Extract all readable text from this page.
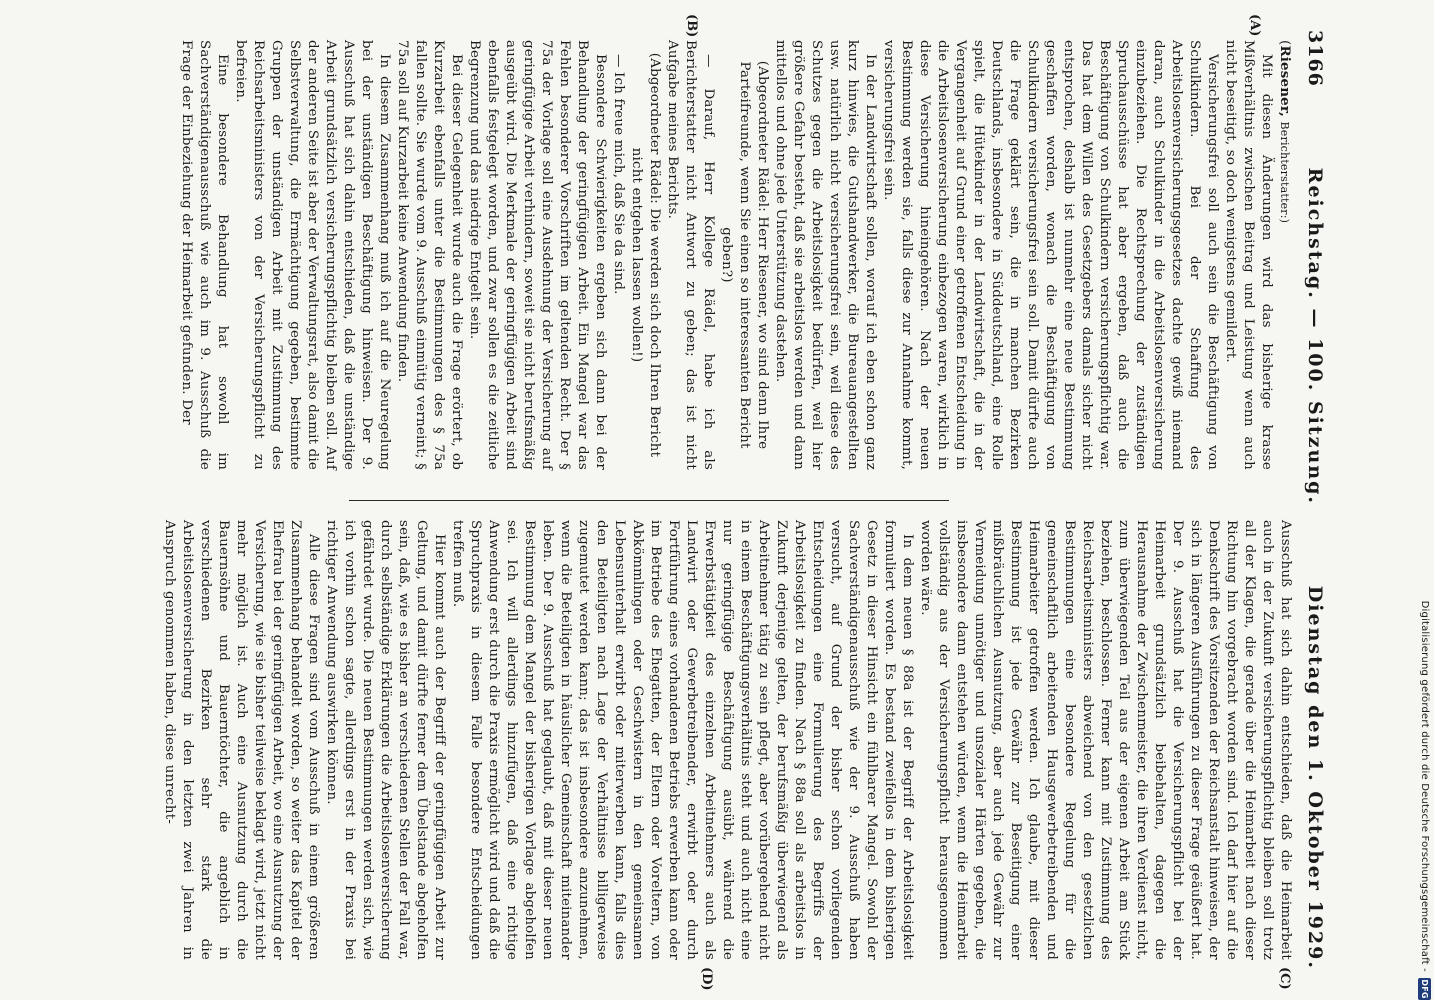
Digitalisierung gefördert durch die Deutsche Forschungsgemeinschaft -
DFG
3166
Reichstag. — 100. Sitzung.
Dienstag den 1. Oktober 1929.
(A)
(B)
(C)
(D)

(Riesener, Berichterstatter:)

Mit diesen Änderungen wird das bisherige krasse Mißverhältnis zwischen Beitrag und Leistung wenn auch nicht beseitigt, so doch wenigstens gemildert.

Versicherungsfrei soll auch sein die Beschäftigung von Schulkindern. Bei der Schaffung des Arbeitslosenversicherungsgesetzes dachte gewiß niemand daran, auch Schulkinder in die Arbeitslosenversicherung einzubeziehen. Die Rechtsprechung der zuständigen Spruchausschüsse hat aber ergeben, daß auch die Beschäftigung von Schulkindern versicherungspflichtig war. Das hat dem Willen des Gesetzgebers damals sicher nicht entsprochen, deshalb ist nunmehr eine neue Bestimmung geschaffen worden, wonach die Beschäftigung von Schulkindern versicherungsfrei sein soll. Damit dürfte auch die Frage geklärt sein, die in manchen Bezirken Deutschlands, insbesondere in Süddeutschland, eine Rolle spielt, die Hütekinder in der Landwirtschaft, die in der Vergangenheit auf Grund einer getroffenen Entscheidung in die Arbeitslosenversicherung einbezogen waren, wirklich in diese Versicherung hineingehören. Nach der neuen Bestimmung werden sie, falls diese zur Annahme kommt, versicherungsfrei sein.

In der Landwirtschaft sollen, worauf ich eben schon ganz kurz hinwies, die Gutshandwerker, die Bureauangestellten usw. natürlich nicht versicherungsfrei sein, weil diese des Schutzes gegen die Arbeitslosigkeit bedürfen, weil hier größere Gefahr besteht, daß sie arbeitslos werden und dann mittellos und ohne jede Unterstützung dastehen.

(Abgeordneter Rädel: Herr Riesener, wo sind denn Ihre Parteifreunde, wenn Sie einen so interessanten Bericht geben?)

— Darauf, Herr Kollege Rädel, habe ich als Berichterstatter nicht Antwort zu geben; das ist nicht Aufgabe meines Berichts.

(Abgeordneter Rädel: Die werden sich doch Ihren Bericht nicht entgehen lassen wollen!)

— Ich freue mich, daß Sie da sind.

Besondere Schwierigkeiten ergeben sich dann bei der Behandlung der geringfügigen Arbeit. Ein Mangel war das Fehlen besonderer Vorschriften im geltenden Recht. Der § 75a der Vorlage soll eine Ausdehnung der Versicherung auf geringfügige Arbeit verhindern, soweit sie nicht berufsmäßig ausgeübt wird. Die Merkmale der geringfügigen Arbeit sind ebenfalls festgelegt worden, und zwar sollen es die zeitliche Begrenzung und das niedrige Entgelt sein.

Bei dieser Gelegenheit wurde auch die Frage erörtert, ob Kurzarbeit ebenfalls unter die Bestimmungen des § 75a fallen sollte. Sie wurde vom 9. Ausschuß einmütig verneint; § 75a soll auf Kurzarbeit keine Anwendung finden.

In diesem Zusammenhang muß ich auf die Neuregelung bei der unständigen Beschäftigung hinweisen. Der 9. Ausschuß hat sich dahin entschieden, daß die unständige Arbeit grundsätzlich versicherungspflichtig bleiben soll. Auf der anderen Seite ist aber der Verwaltungsrat, also damit die Selbstverwaltung, die Ermächtigung gegeben, bestimmte Gruppen der unständigen Arbeit mit Zustimmung des Reichsarbeitsministers von der Versicherungspflicht zu befreien.

Eine besondere Behandlung hat sowohl im Sachverständigenausschuß wie auch im 9. Ausschuß die Frage der Einbeziehung der Heimarbeit gefunden. Der

Ausschuß hat sich dahin entschieden, daß die Heimarbeit auch in der Zukunft versicherungspflichtig bleiben soll trotz all der Klagen, die gerade über die Heimarbeit nach dieser Richtung hin vorgebracht worden sind. Ich darf hier auf die Denkschrift des Vorsitzenden der Reichsanstalt hinweisen, der sich in längeren Ausführungen zu dieser Frage geäußert hat. Der 9. Ausschuß hat die Versicherungspflicht bei der Heimarbeit grundsätzlich beibehalten, dagegen die Herausnahme der Zwischenmeister, die ihren Verdienst nicht, zum überwiegenden Teil aus der eigenen Arbeit am Stück beziehen, beschlossen. Ferner kann mit Zustimmung des Reichsarbeitsministers abweichend von den gesetzlichen Bestimmungen eine besondere Regelung für die gemeinschaftlich arbeitenden Hausgewerbetreibenden und Heimarbeiter getroffen werden. Ich glaube, mit dieser Bestimmung ist jede Gewähr zur Beseitigung einer mißbräuchlichen Ausnutzung, aber auch jede Gewähr zur Vermeidung unnötiger und unsozialer Härten gegeben, die insbesondere dann entstehen würden, wenn die Heimarbeit vollständig aus der Versicherungspflicht herausgenommen worden wäre.

In dem neuen § 88a ist der Begriff der Arbeitslosigkeit formuliert worden. Es bestand zweifellos in dem bisherigen Gesetz in dieser Hinsicht ein fühlbarer Mangel. Sowohl der Sachverständigenausschuß wie der 9. Ausschuß haben versucht, auf Grund der bisher schon vorliegenden Entscheidungen eine Formulierung des Begriffs der Arbeitslosigkeit zu finden. Nach § 88a soll als arbeitslos in Zukunft derjenige gelten, der berufsmäßig überwiegend als Arbeitnehmer tätig zu sein pflegt, aber vorübergehend nicht in einem Beschäftigungsverhältnis steht und auch nicht eine nur geringfügige Beschäftigung ausübt, während die Erwerbstätigkeit des einzelnen Arbeitnehmers auch als Landwirt oder Gewerbetreibender, erwirbt oder durch Fortführung eines vorhandenen Betriebs erwerben kann oder im Betriebe des Ehegatten, der Eltern oder Voreltern, von Abkömmlingen oder Geschwistern in den gemeinsamen Lebensunterhalt erwirbt oder miterwerben kann, falls dies den Beteiligten nach Lage der Verhältnisse billigerweise zugemutet werden kann; das ist insbesondere anzunehmen, wenn die Beteiligten in häuslicher Gemeinschaft miteinander leben. Der 9. Ausschuß hat geglaubt, daß mit dieser neuen Bestimmung dem Mangel der bisherigen Vorlage abgeholfen sei. Ich will allerdings hinzufügen, daß eine richtige Anwendung erst durch die Praxis ermöglicht wird und daß die Spruchpraxis in diesem Falle besondere Entscheidungen treffen muß.

Hier kommt auch der Begriff der geringfügigen Arbeit zur Geltung, und damit dürfte ferner dem Übelstande abgeholfen sein, daß, wie es bisher an verschiedenen Stellen der Fall war, durch selbständige Erklärungen die Arbeitslosenversicherung gefährdet wurde. Die neuen Bestimmungen werden sich, wie ich vorhin schon sagte, allerdings erst in der Praxis bei richtiger Anwendung auswirken können.

Alle diese Fragen sind vom Ausschuß in einem größeren Zusammenhang behandelt worden, so weiter das Kapitel der Ehefrau bei der geringfügigen Arbeit, wo eine Ausnutzung der Versicherung, wie sie bisher teilweise beklagt wird, jetzt nicht mehr möglich ist. Auch eine Ausnutzung durch die Bauernsöhne und Bauerntöchter, die angeblich in verschiedenen Bezirken sehr stark die Arbeitslosenversicherung in den letzten zwei Jahren in Anspruch genommen haben, diese unrecht-
